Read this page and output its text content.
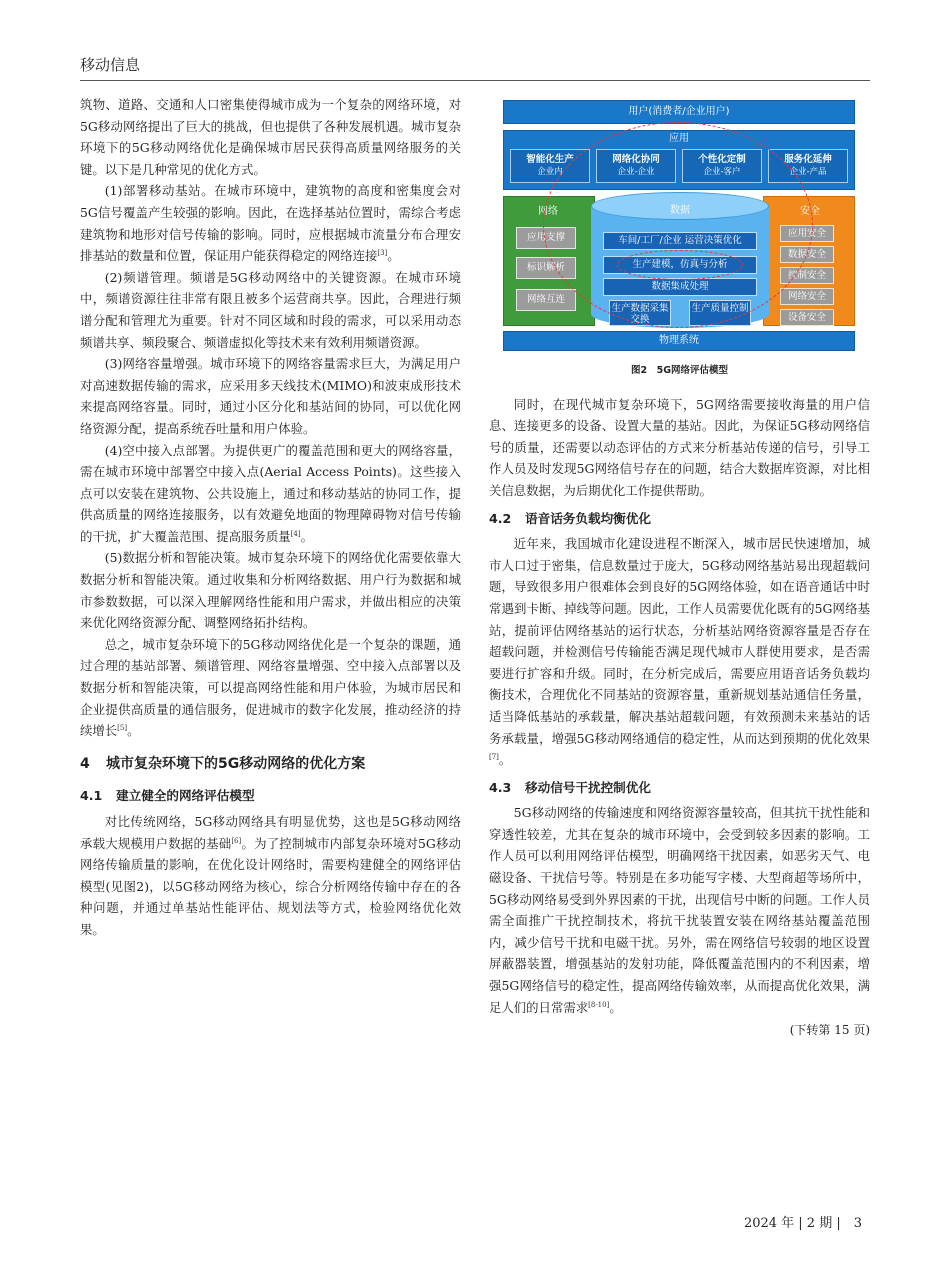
移动信息

筑物、道路、交通和人口密集使得城市成为一个复杂的网络环境，对5G移动网络提出了巨大的挑战，但也提供了各种发展机遇。城市复杂环境下的5G移动网络优化是确保城市居民获得高质量网络服务的关键。以下是几种常见的优化方式。

(1)部署移动基站。在城市环境中，建筑物的高度和密集度会对5G信号覆盖产生较强的影响。因此，在选择基站位置时，需综合考虑建筑物和地形对信号传输的影响。同时，应根据城市流量分布合理安排基站的数量和位置，保证用户能获得稳定的网络连接[3]。

(2)频谱管理。频谱是5G移动网络中的关键资源。在城市环境中，频谱资源往往非常有限且被多个运营商共享。因此，合理进行频谱分配和管理尤为重要。针对不同区域和时段的需求，可以采用动态频谱共享、频段聚合、频谱虚拟化等技术来有效利用频谱资源。

(3)网络容量增强。城市环境下的网络容量需求巨大，为满足用户对高速数据传输的需求，应采用多天线技术(MIMO)和波束成形技术来提高网络容量。同时，通过小区分化和基站间的协同，可以优化网络资源分配，提高系统吞吐量和用户体验。

(4)空中接入点部署。为提供更广的覆盖范围和更大的网络容量，需在城市环境中部署空中接入点(Aerial Access Points)。这些接入点可以安装在建筑物、公共设施上，通过和移动基站的协同工作，提供高质量的网络连接服务，以有效避免地面的物理障碍物对信号传输的干扰，扩大覆盖范围、提高服务质量[4]。

(5)数据分析和智能决策。城市复杂环境下的网络优化需要依靠大数据分析和智能决策。通过收集和分析网络数据、用户行为数据和城市参数数据，可以深入理解网络性能和用户需求，并做出相应的决策来优化网络资源分配、调整网络拓扑结构。

总之，城市复杂环境下的5G移动网络优化是一个复杂的课题，通过合理的基站部署、频谱管理、网络容量增强、空中接入点部署以及数据分析和智能决策，可以提高网络性能和用户体验，为城市居民和企业提供高质量的通信服务，促进城市的数字化发展，推动经济的持续增长[5]。

4 城市复杂环境下的5G移动网络的优化方案
4.1 建立健全的网络评估模型

对比传统网络，5G移动网络具有明显优势，这也是5G移动网络承载大规模用户数据的基础[6]。为了控制城市内部复杂环境对5G移动网络传输质量的影响，在优化设计网络时，需要构建健全的网络评估模型(见图2)，以5G移动网络为核心，综合分析网络传输中存在的各种问题，并通过单基站性能评估、规划法等方式，检验网络优化效果。

用户(消费者/企业用户)
应用
智能化生产
企业内
网络化协同
企业-企业
个性化定制
企业-客户
服务化延伸
企业-产品
网络
应用支撑
标识解析
网络互连
安全
应用安全
数据安全
控制安全
网络安全
设备安全
数据
车间/工厂/企业 运营决策优化
生产建模，仿真与分析
数据集成处理
生产数据采集交换
生产质量控制
物理系统
图2　5G网络评估模型

同时，在现代城市复杂环境下，5G网络需要接收海量的用户信息、连接更多的设备、设置大量的基站。因此，为保证5G移动网络信号的质量，还需要以动态评估的方式来分析基站传递的信号，引导工作人员及时发现5G网络信号存在的问题，结合大数据库资源，对比相关信息数据，为后期优化工作提供帮助。

4.2 语音话务负载均衡优化

近年来，我国城市化建设进程不断深入，城市居民快速增加，城市人口过于密集，信息数量过于庞大，5G移动网络基站易出现超载问题，导致很多用户很难体会到良好的5G网络体验，如在语音通话中时常遇到卡断、掉线等问题。因此，工作人员需要优化既有的5G网络基站，提前评估网络基站的运行状态，分析基站网络资源容量是否存在超载问题，并检测信号传输能否满足现代城市人群使用要求，是否需要进行扩容和升级。同时，在分析完成后，需要应用语音话务负载均衡技术，合理优化不同基站的资源容量，重新规划基站通信任务量，适当降低基站的承载量，解决基站超载问题，有效预测未来基站的话务承载量，增强5G移动网络通信的稳定性，从而达到预期的优化效果[7]。

4.3 移动信号干扰控制优化

5G移动网络的传输速度和网络资源容量较高，但其抗干扰性能和穿透性较差，尤其在复杂的城市环境中，会受到较多因素的影响。工作人员可以利用网络评估模型，明确网络干扰因素，如恶劣天气、电磁设备、干扰信号等。特别是在多功能写字楼、大型商超等场所中，5G移动网络易受到外界因素的干扰，出现信号中断的问题。工作人员需全面推广干扰控制技术，将抗干扰装置安装在网络基站覆盖范围内，减少信号干扰和电磁干扰。另外，需在网络信号较弱的地区设置屏蔽器装置，增强基站的发射功能，降低覆盖范围内的不利因素，增强5G网络信号的稳定性，提高网络传输效率，从而提高优化效果，满足人们的日常需求[8-10]。

(下转第 15 页)
2024 年 | 2 期 |　3
